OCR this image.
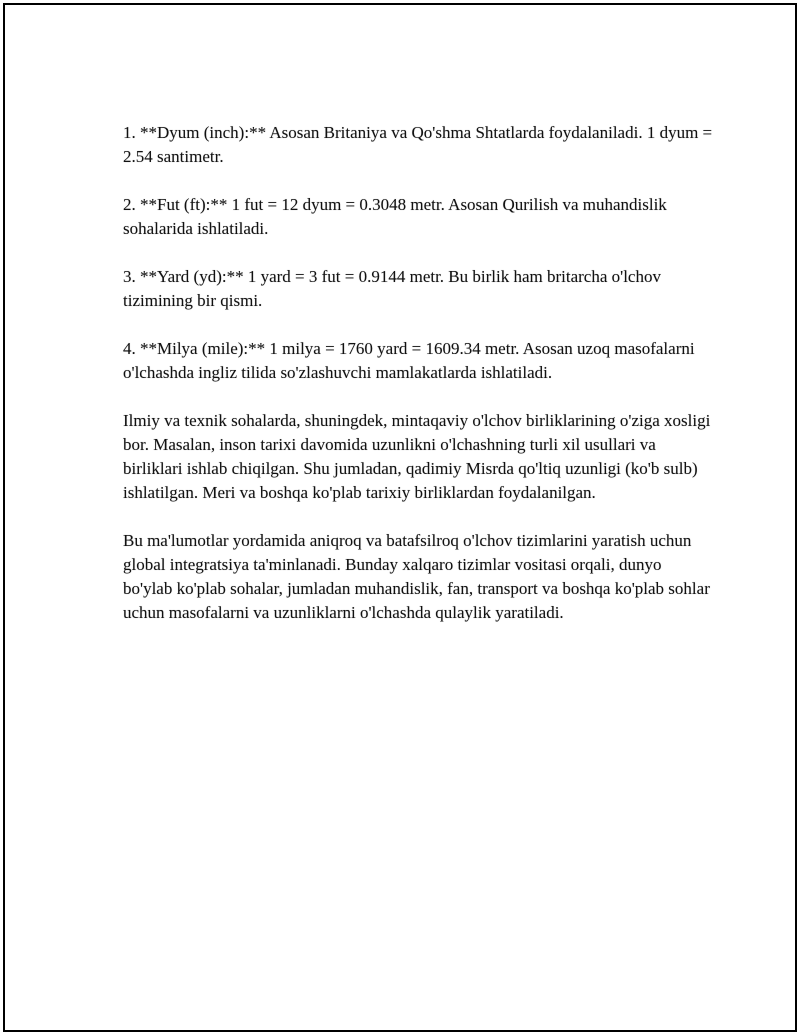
1. **Dyum (inch):** Asosan Britaniya va Qo'shma Shtatlarda foydalaniladi. 1 dyum = 2.54 santimetr.

2. **Fut (ft):** 1 fut = 12 dyum = 0.3048 metr. Asosan Qurilish va muhandislik sohalarida ishlatiladi.

3. **Yard (yd):** 1 yard = 3 fut = 0.9144 metr. Bu birlik ham britarcha o'lchov tizimining bir qismi.

4. **Milya (mile):** 1 milya = 1760 yard = 1609.34 metr. Asosan uzoq masofalarni o'lchashda ingliz tilida so'zlashuvchi mamlakatlarda ishlatiladi.

Ilmiy va texnik sohalarda, shuningdek, mintaqaviy o'lchov birliklarining o'ziga xosligi bor. Masalan, inson tarixi davomida uzunlikni o'lchashning turli xil usullari va birliklari ishlab chiqilgan. Shu jumladan, qadimiy Misrda qo'ltiq uzunligi (ko'b sulb) ishlatilgan. Meri va boshqa ko'plab tarixiy birliklardan foydalanilgan.

Bu ma'lumotlar yordamida aniqroq va batafsilroq o'lchov tizimlarini yaratish uchun global integratsiya ta'minlanadi. Bunday xalqaro tizimlar vositasi orqali, dunyo bo'ylab ko'plab sohalar, jumladan muhandislik, fan, transport va boshqa ko'plab sohlar uchun masofalarni va uzunliklarni o'lchashda qulaylik yaratiladi.
